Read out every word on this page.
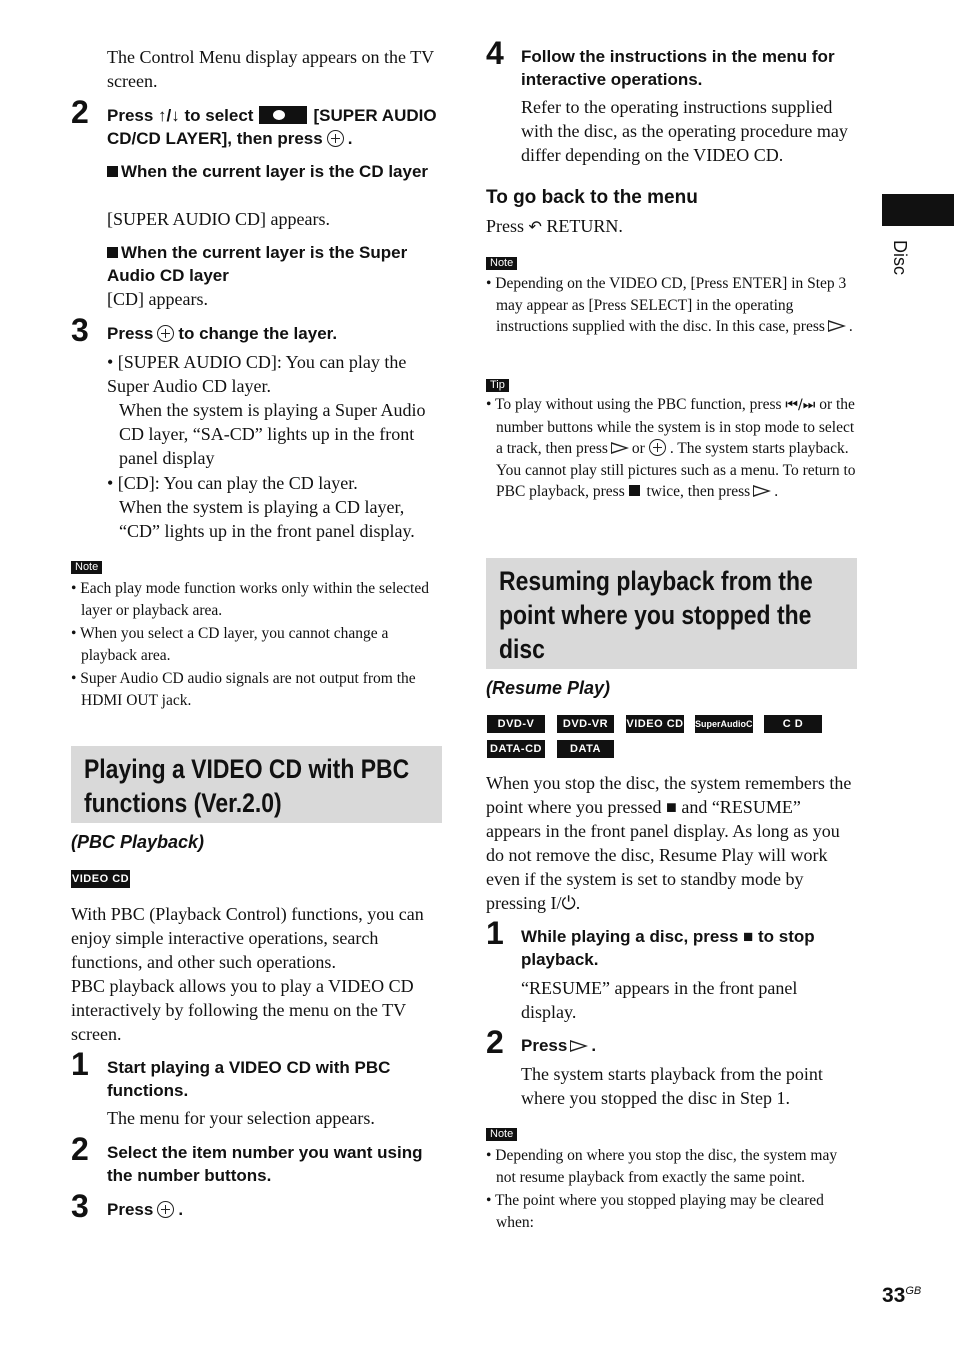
The Control Menu display appears on the TV screen.
2 Press ↑/↓ to select	[SUPER AUDIO CD/CD LAYER], then press .
When the current layer is the CD layer
[SUPER AUDIO CD] appears.
When the current layer is the Super Audio CD layer
[CD] appears.
3 Press to change the layer.
• [SUPER AUDIO CD]: You can play the Super Audio CD layer.
When the system is playing a Super Audio CD layer, “SA-CD” lights up in the front panel display
• [CD]: You can play the CD layer.
When the system is playing a CD layer, “CD” lights up in the front panel display.
Note
• Each play mode function works only within the selected layer or playback area.
• When you select a CD layer, you cannot change a playback area.
• Super Audio CD audio signals are not output from the HDMI OUT jack.
Playing a VIDEO CD with PBC
functions (Ver.2.0)
(PBC Playback)
VIDEO CD
With PBC (Playback Control) functions, you can enjoy simple interactive operations, search functions, and other such operations.
PBC playback allows you to play a VIDEO CD interactively by following the menu on the TV screen.
1 Start playing a VIDEO CD with PBC functions.
The menu for your selection appears.
2 Select the item number you want using the number buttons.
3 Press .
4 Follow the instructions in the menu for interactive operations.
Refer to the operating instructions supplied with the disc, as the operating procedure may differ depending on the VIDEO CD.
To go back to the menu
Press ↶ RETURN.
Note
• Depending on the VIDEO CD, [Press ENTER] in Step 3 may appear as [Press SELECT] in the operating instructions supplied with the disc. In this case, press .
Tip
• To play without using the PBC function, press ⏮/⏭ or the number buttons while the system is in stop mode to select a track, then press or . The system starts playback. You cannot play still pictures such as a menu. To return to PBC playback, press twice, then press .
Resuming playback from the
point where you stopped the
disc
(Resume Play)
DVD-V	DVD-VR	VIDEO CD SuperAudioCD	C D
DATA-CD	DATA DVD
When you stop the disc, the system remembers the point where you pressed ■ and “RESUME” appears in the front panel display. As long as you do not remove the disc, Resume Play will work even if the system is set to standby mode by pressing I/⏻.
1 While playing a disc, press ■ to stop playback.
“RESUME” appears in the front panel display.
2 Press .
The system starts playback from the point where you stopped the disc in Step 1.
Note
• Depending on where you stop the disc, the system may not resume playback from exactly the same point.
• The point where you stopped playing may be cleared when:
Disc
$33^{GB}$
